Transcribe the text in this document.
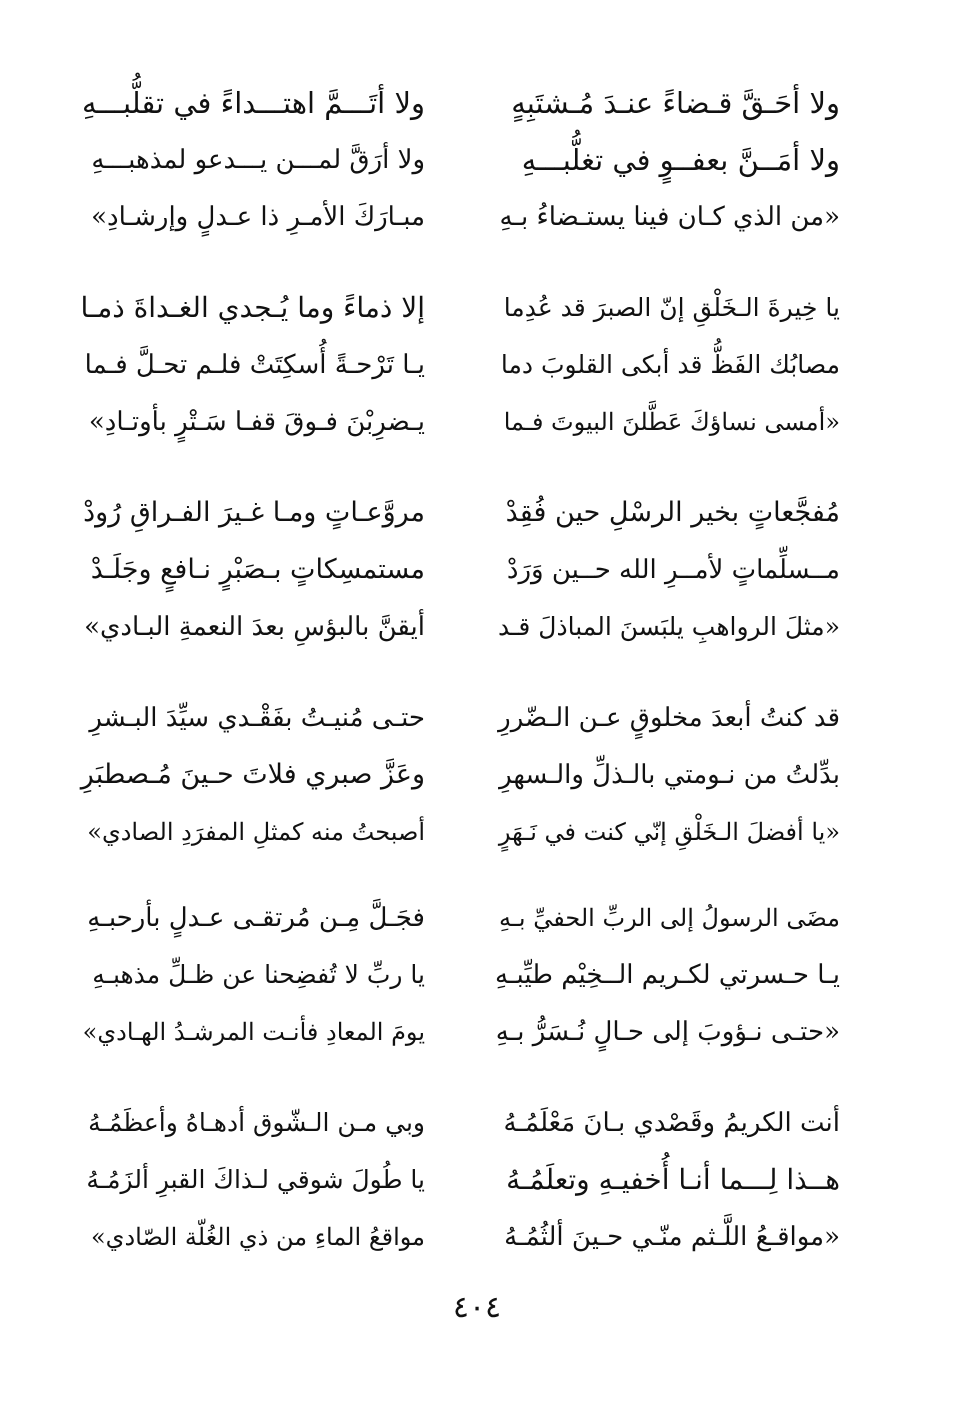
ولا أحَـقَّ قـضاءً عنـدَ مُـشتَبِهٍ
ولا أتَـــمَّ اهتـــداءً في تقلُّبـــهِ
ولا أمَــنَّ بعفــوٍ في تغلُّبـــهِ
ولا أرَقَّ لمـــن يـــدعو لمذهبـــهِ
«من الذي كـان فينا يستـضاءُ بـهِ
مبـارَكَ الأمـرِ ذا عـدلٍ وإرشـادِ»
يا خِيرةَ الـخَلْقِ إنّ الصبرَ قد عُدِما
إلا ذماءً وما يُـجدي الغـداةَ ذمـا
مصابُك الفَظُّ قد أبكى القلوبَ دما
يـا تَرْحـةً أُسكِتَتْ فلـم تحـلَّ فـما
«أمسى نساؤكَ عَطَّلنَ البيوتَ فـما
يـضرِبْنَ فـوقَ قفـا سَـتْرٍ بأوتـادِ»
مُفجَّعاتٍ بخير الرسْلِ حين فُقِدْ
مروَّعـاتٍ ومـا غـيرَ الفـراقِ رُودْ
مــسلِّماتٍ لأمــرِ الله حــين وَرَدْ
مستمسِكاتٍ بـصَبْرٍ نـافعٍ وجَلَـدْ
«مثلَ الرواهبِ يلبَسنَ المباذلَ قـد
أيقنَّ بالبؤسِ بعدَ النعمةِ البـادي»
قد كنتُ أبعدَ مخلوقٍ عـن الـضّررِ
حتـى مُنيـتُ بفَقْـدي سيِّدَ البـشرِ
بدِّلتُ من نـومتي بالـذلِّ والـسهرِ
وعَزَّ صبري فلاتَ حـينَ مُـصطبَرِ
«يا أفضلَ الـخَلْقِ إنّي كنت في نَـهَرٍ
أصبحتُ منه كمثلِ المفرَدِ الصادي»
مضَى الرسولُ إلى الربِّ الحفيِّ بـهِ
فجَـلَّ مِـن مُرتقـى عـدلٍ بأرحبـهِ
يـا حـسرتي لكـريم الــخِيْم طيِّبـهِ
يا ربِّ لا تُفضِحنا عن ظـلِّ مذهبـهِ
«حتـى نـؤوبَ إلى حـالٍ نُـسَرُّ بـهِ
يومَ المعادِ فأنـت المرشـدُ الهـادي»
أنت الكريمُ وقَصْدي بـانَ مَعْلَمُـهُ
وبي مـن الـشّوق أدهـاهُ وأعظَمُـهُ
هــذا لِـــما أنـا أُخفيـهِ وتعلَمُـهُ
يا طُولَ شوقي لـذاكَ القبرِ ألزَمُـهُ
«مواقـعُ اللَّـثم منّـي حـينَ ألثُمُـهُ
مواقعُ الماءِ من ذي الغُلّة الصّادي»
٤٠٤
